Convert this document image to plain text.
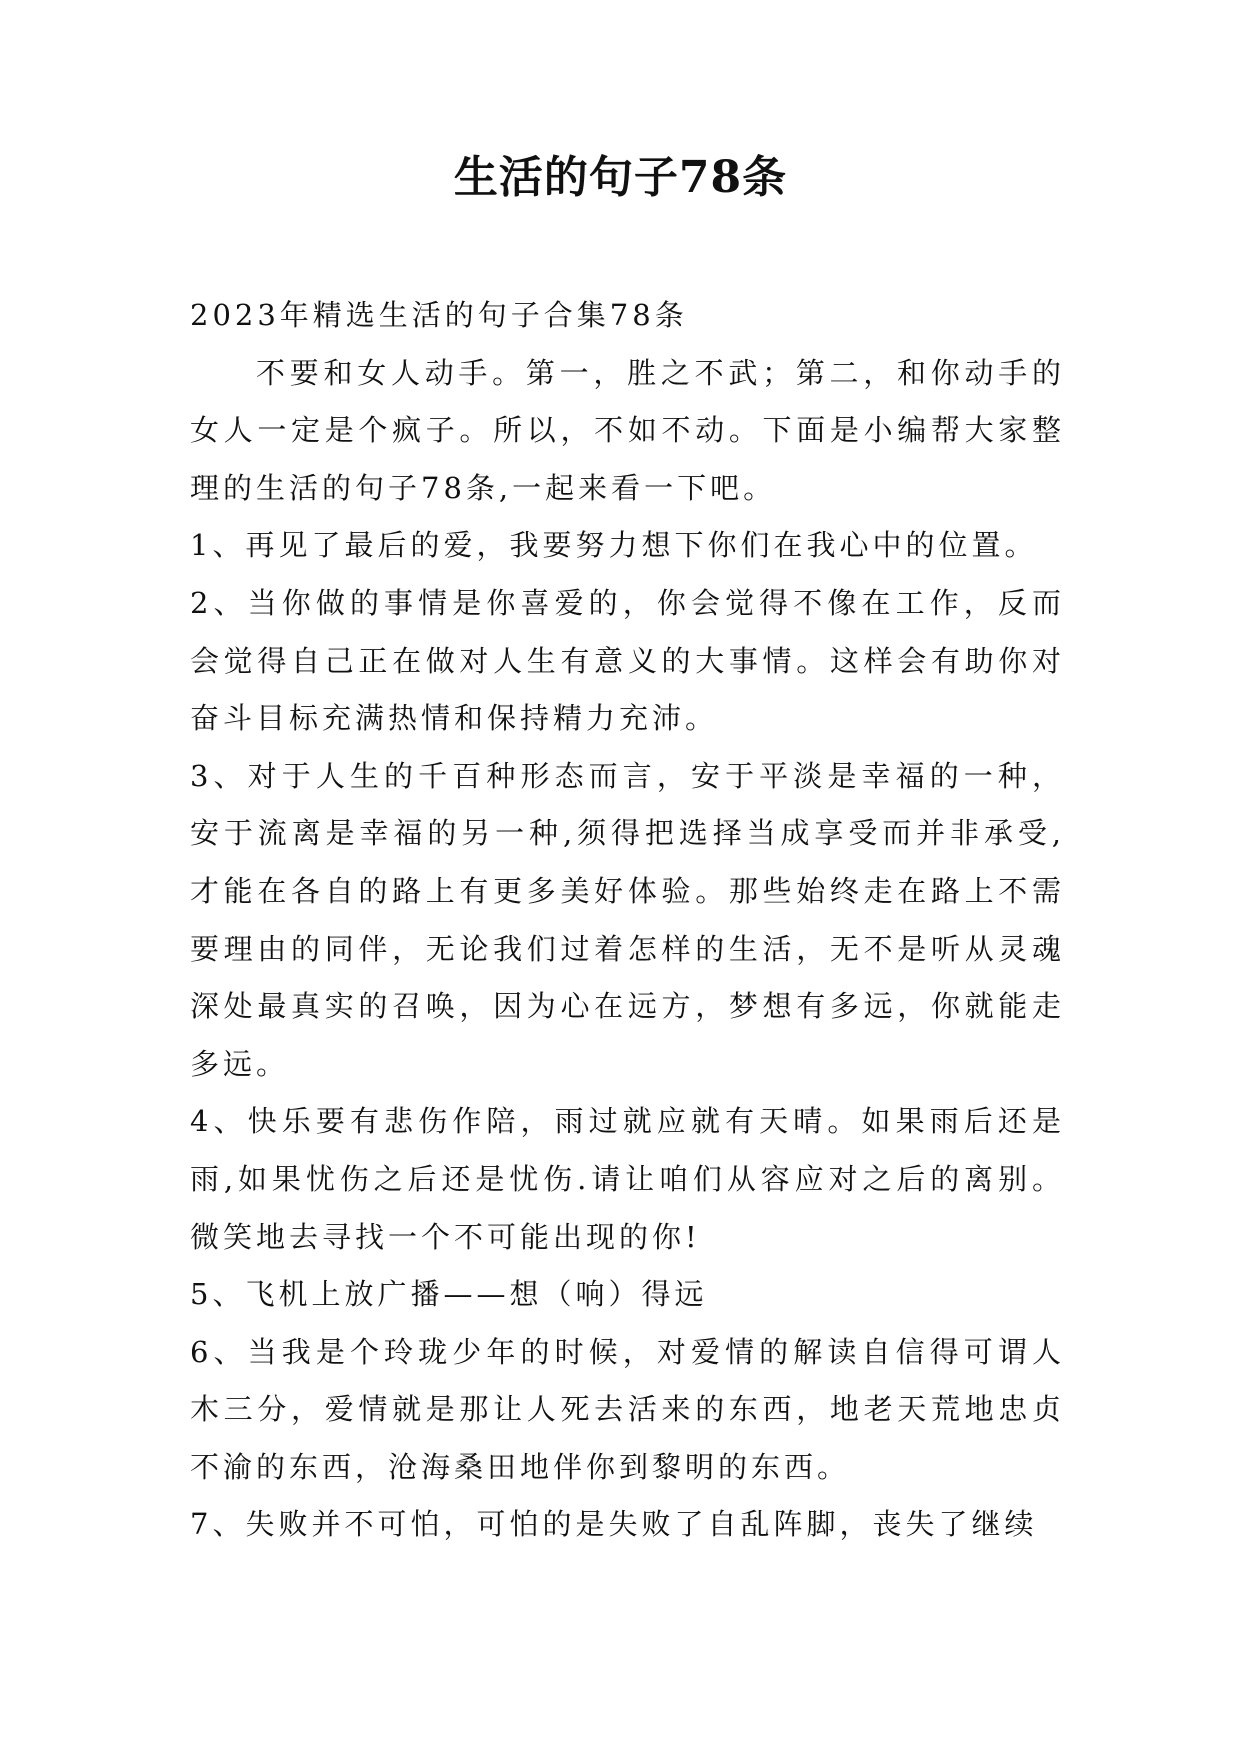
生活的句子78条

2023年精选生活的句子合集78条

不要和女人动手。第一，胜之不武；第二，和你动手的女人一定是个疯子。所以，不如不动。下面是小编帮大家整理的生活的句子78条,一起来看一下吧。

1、再见了最后的爱，我要努力想下你们在我心中的位置。

2、当你做的事情是你喜爱的，你会觉得不像在工作，反而会觉得自己正在做对人生有意义的大事情。这样会有助你对奋斗目标充满热情和保持精力充沛。

3、对于人生的千百种形态而言，安于平淡是幸福的一种，安于流离是幸福的另一种,须得把选择当成享受而并非承受,才能在各自的路上有更多美好体验。那些始终走在路上不需要理由的同伴，无论我们过着怎样的生活，无不是听从灵魂深处最真实的召唤，因为心在远方，梦想有多远，你就能走多远。

4、快乐要有悲伤作陪，雨过就应就有天晴。如果雨后还是雨,如果忧伤之后还是忧伤.请让咱们从容应对之后的离别。微笑地去寻找一个不可能出现的你!

5、飞机上放广播——想（响）得远

6、当我是个玲珑少年的时候，对爱情的解读自信得可谓人木三分，爱情就是那让人死去活来的东西，地老天荒地忠贞不渝的东西，沧海桑田地伴你到黎明的东西。

7、失败并不可怕，可怕的是失败了自乱阵脚，丧失了继续
